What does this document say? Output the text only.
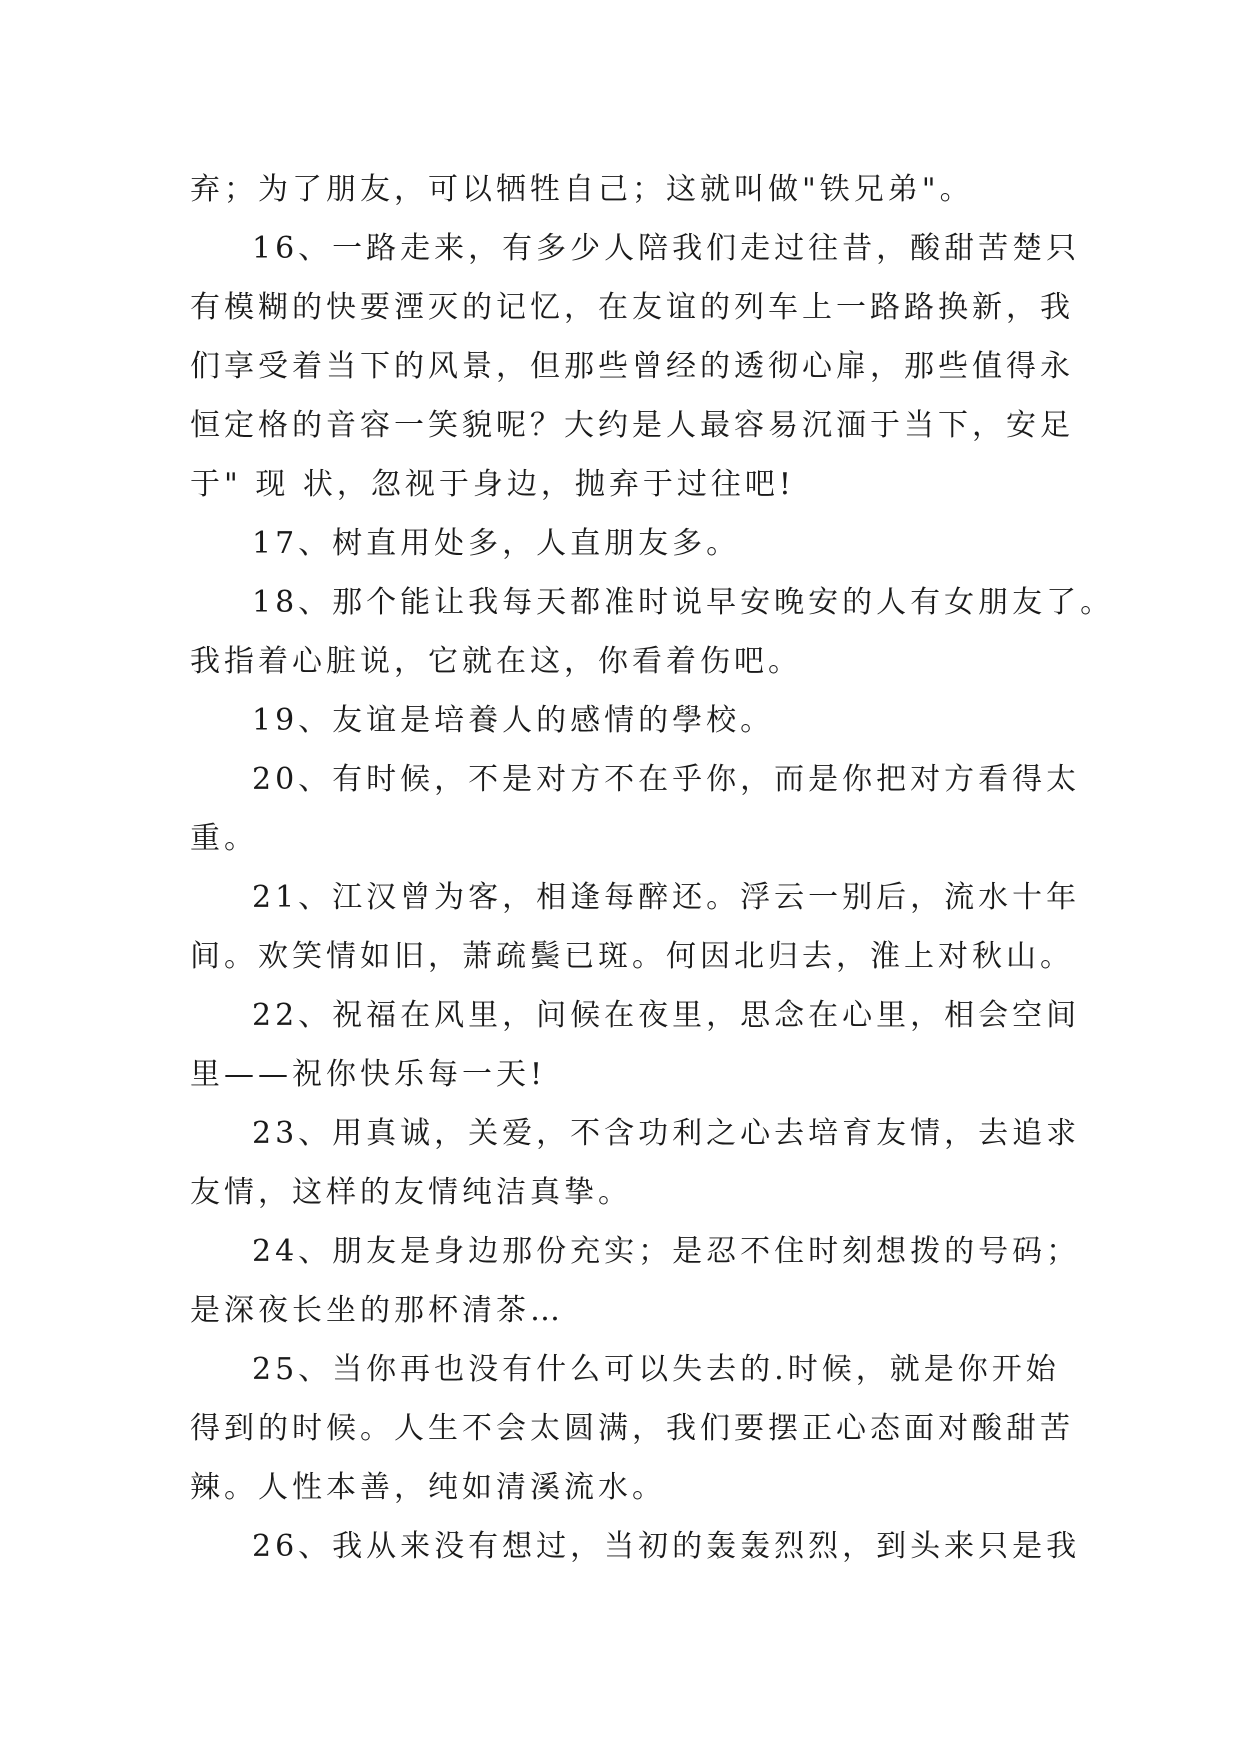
弃；为了朋友，可以牺牲自己；这就叫做"铁兄弟"。
16、一路走来，有多少人陪我们走过往昔，酸甜苦楚只
有模糊的快要湮灭的记忆，在友谊的列车上一路路换新，我
们享受着当下的风景，但那些曾经的透彻心扉，那些值得永
恒定格的音容一笑貌呢？大约是人最容易沉湎于当下，安足
于" 现 状，忽视于身边，抛弃于过往吧!
17、树直用处多，人直朋友多。
18、那个能让我每天都准时说早安晚安的人有女朋友了。
我指着心脏说，它就在这，你看着伤吧。
19、友谊是培養人的感情的學校。
20、有时候，不是对方不在乎你，而是你把对方看得太
重。
21、江汉曾为客，相逢每醉还。浮云一别后，流水十年
间。欢笑情如旧，萧疏鬓已斑。何因北归去，淮上对秋山。
22、祝福在风里，问候在夜里，思念在心里，相会空间
里——祝你快乐每一天!
23、用真诚，关爱，不含功利之心去培育友情，去追求
友情，这样的友情纯洁真挚。
24、朋友是身边那份充实；是忍不住时刻想拨的号码；
是深夜长坐的那杯清茶…
25、当你再也没有什么可以失去的.时候，就是你开始
得到的时候。人生不会太圆满，我们要摆正心态面对酸甜苦
辣。人性本善，纯如清溪流水。
26、我从来没有想过，当初的轰轰烈烈，到头来只是我
